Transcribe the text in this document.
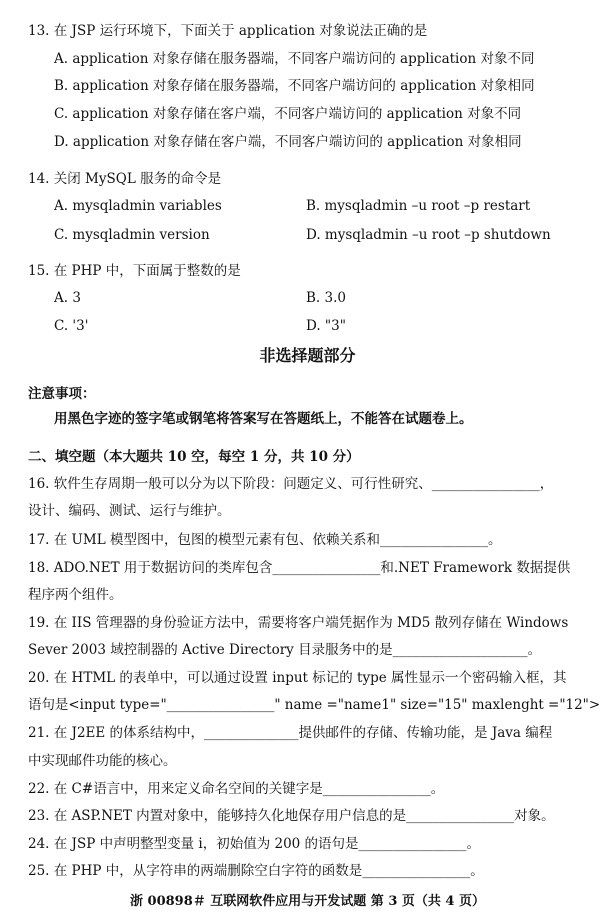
13. 在 JSP 运行环境下，下面关于 application 对象说法正确的是
A. application 对象存储在服务器端，不同客户端访问的 application 对象不同
B. application 对象存储在服务器端，不同客户端访问的 application 对象相同
C. application 对象存储在客户端，不同客户端访问的 application 对象不同
D. application 对象存储在客户端，不同客户端访问的 application 对象相同
14. 关闭 MySQL 服务的命令是
A. mysqladmin variables	B. mysqladmin –u root –p restart
C. mysqladmin version	D. mysqladmin –u root –p shutdown
15. 在 PHP 中，下面属于整数的是
A. 3	B. 3.0
C. '3'	D. "3"
非选择题部分
注意事项：
用黑色字迹的签字笔或钢笔将答案写在答题纸上，不能答在试题卷上。
二、填空题（本大题共 10 空，每空 1 分，共 10 分）
16. 软件生存周期一般可以分为以下阶段：问题定义、可行性研究、________________，
设计、编码、测试、运行与维护。
17. 在 UML 模型图中，包图的模型元素有包、依赖关系和________________。
18. ADO.NET 用于数据访问的类库包含________________和.NET Framework 数据提供
程序两个组件。
19. 在 IIS 管理器的身份验证方法中，需要将客户端凭据作为 MD5 散列存储在 Windows
Sever 2003 域控制器的 Active Directory 目录服务中的是____________________。
20. 在 HTML 的表单中，可以通过设置 input 标记的 type 属性显示一个密码输入框，其
语句是<input type="________________" name ="name1" size="15" maxlenght ="12">
21. 在 J2EE 的体系结构中，______________提供邮件的存储、传输功能，是 Java 编程
中实现邮件功能的核心。
22. 在 C#语言中，用来定义命名空间的关键字是________________。
23. 在 ASP.NET 内置对象中，能够持久化地保存用户信息的是________________对象。
24. 在 JSP 中声明整型变量 i，初始值为 200 的语句是________________。
25. 在 PHP 中，从字符串的两端删除空白字符的函数是________________。
浙 00898＃ 互联网软件应用与开发试题 第 3 页（共 4 页）
